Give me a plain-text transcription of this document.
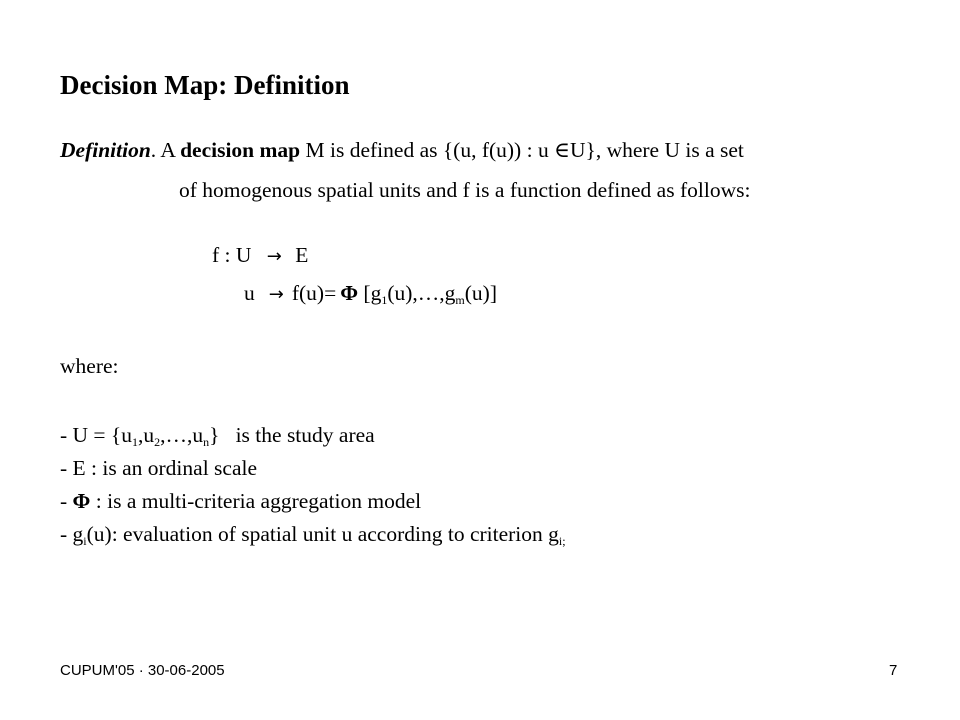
Decision Map: Definition
Definition. A decision map M is defined as {(u, f(u)) : u ∈U}, where U is a set
of homogenous spatial units and f is a function defined as follows:
f : U → E
u → f(u)= Φ $[g_1(u),\dots,g_m(u)]$
where:
- $U = \{u_1,u_2,\dots,u_n\}$   is the study area
- E : is an ordinal scale
- Φ : is a multi-criteria aggregation model
- $g_i(u)$: evaluation of spatial unit u according to criterion $g_{i;}$
CUPUM'05 · 30-06-2005	7
